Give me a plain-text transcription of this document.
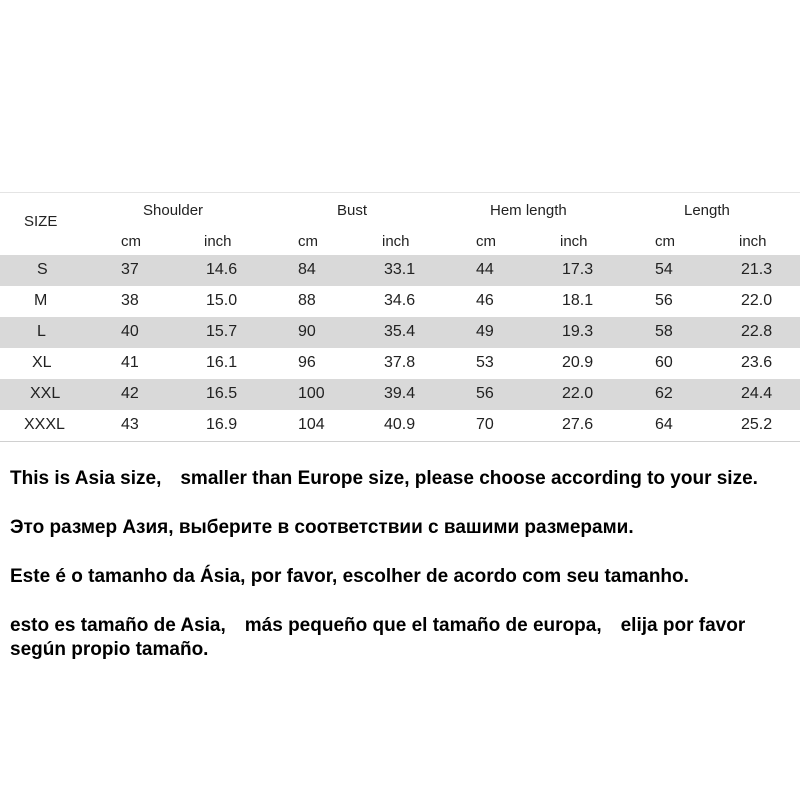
SIZE
Shoulder	Bust	Hem length	Length
cm	inch	cm	inch	cm	inch	cm	inch
S	37	14.6	84	33.1	44	17.3	54	21.3
M	38	15.0	88	34.6	46	18.1	56	22.0
L	40	15.7	90	35.4	49	19.3	58	22.8
XL	41	16.1	96	37.8	53	20.9	60	23.6
XXL	42	16.5	100	39.4	56	22.0	62	24.4
XXXL	43	16.9	104	40.9	70	27.6	64	25.2

This is Asia size,　smaller than Europe size, please choose according to your size.

Это размер Азия, выберите в соответствии с вашими размерами.

Este é o tamanho da Ásia, por favor, escolher de acordo com seu tamanho.

esto es tamaño de Asia,　más pequeño que el tamaño de europa,　elija por favor según propio tamaño.
